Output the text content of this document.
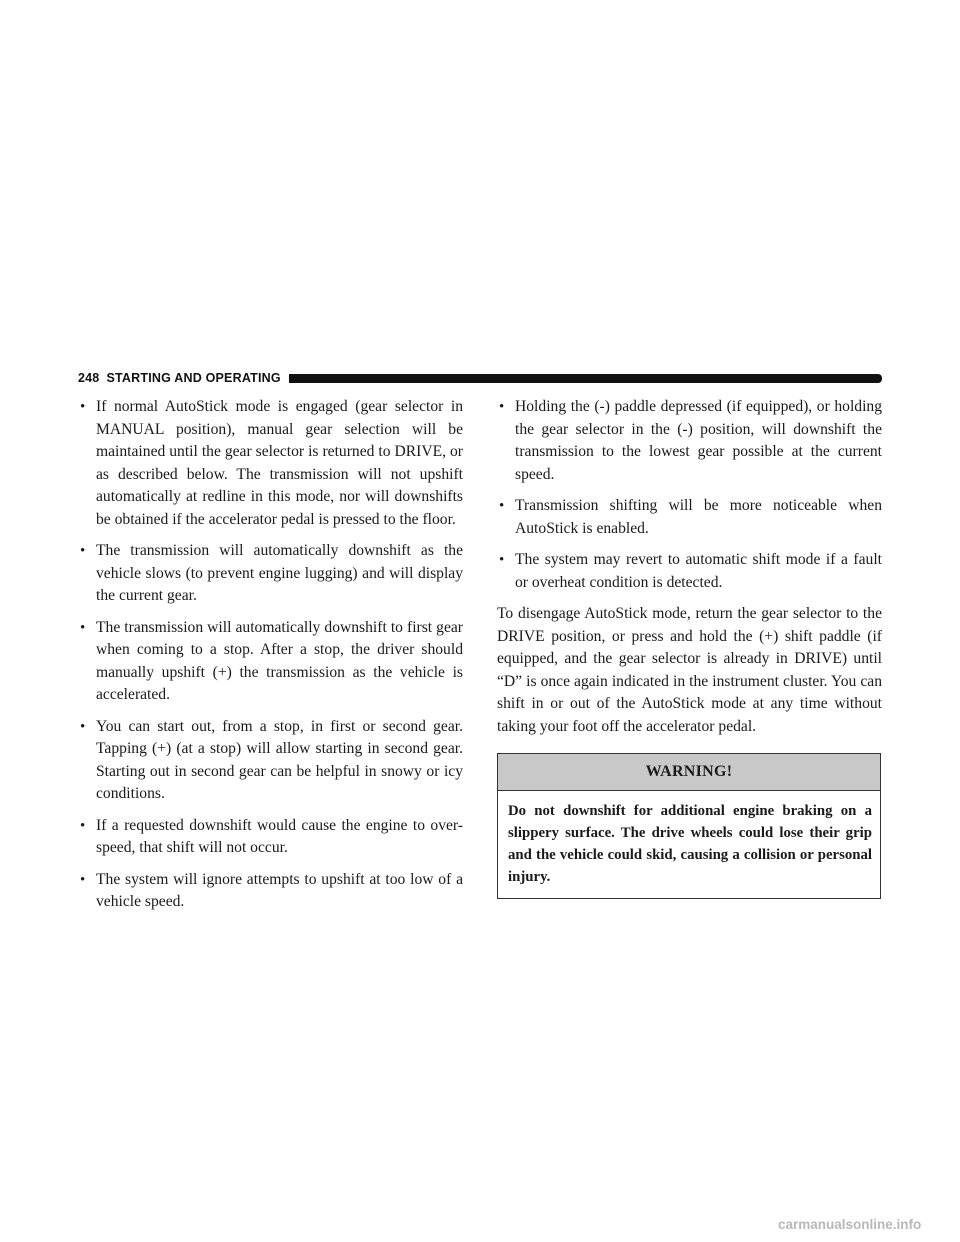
248 STARTING AND OPERATING
• If normal AutoStick mode is engaged (gear selector in MANUAL position), manual gear selection will be maintained until the gear selector is returned to DRIVE, or as described below. The transmission will not upshift automatically at redline in this mode, nor will downshifts be obtained if the accelerator pedal is pressed to the floor.
• The transmission will automatically downshift as the vehicle slows (to prevent engine lugging) and will display the current gear.
• The transmission will automatically downshift to first gear when coming to a stop. After a stop, the driver should manually upshift (+) the transmission as the vehicle is accelerated.
• You can start out, from a stop, in first or second gear. Tapping (+) (at a stop) will allow starting in second gear. Starting out in second gear can be helpful in snowy or icy conditions.
• If a requested downshift would cause the engine to over-speed, that shift will not occur.
• The system will ignore attempts to upshift at too low of a vehicle speed.
• Holding the (-) paddle depressed (if equipped), or holding the gear selector in the (-) position, will downshift the transmission to the lowest gear possible at the current speed.
• Transmission shifting will be more noticeable when AutoStick is enabled.
• The system may revert to automatic shift mode if a fault or overheat condition is detected.

To disengage AutoStick mode, return the gear selector to the DRIVE position, or press and hold the (+) shift paddle (if equipped, and the gear selector is already in DRIVE) until “D” is once again indicated in the instrument cluster. You can shift in or out of the AutoStick mode at any time without taking your foot off the accelerator pedal.

WARNING!
Do not downshift for additional engine braking on a slippery surface. The drive wheels could lose their grip and the vehicle could skid, causing a collision or personal injury.
carmanualsonline.info
